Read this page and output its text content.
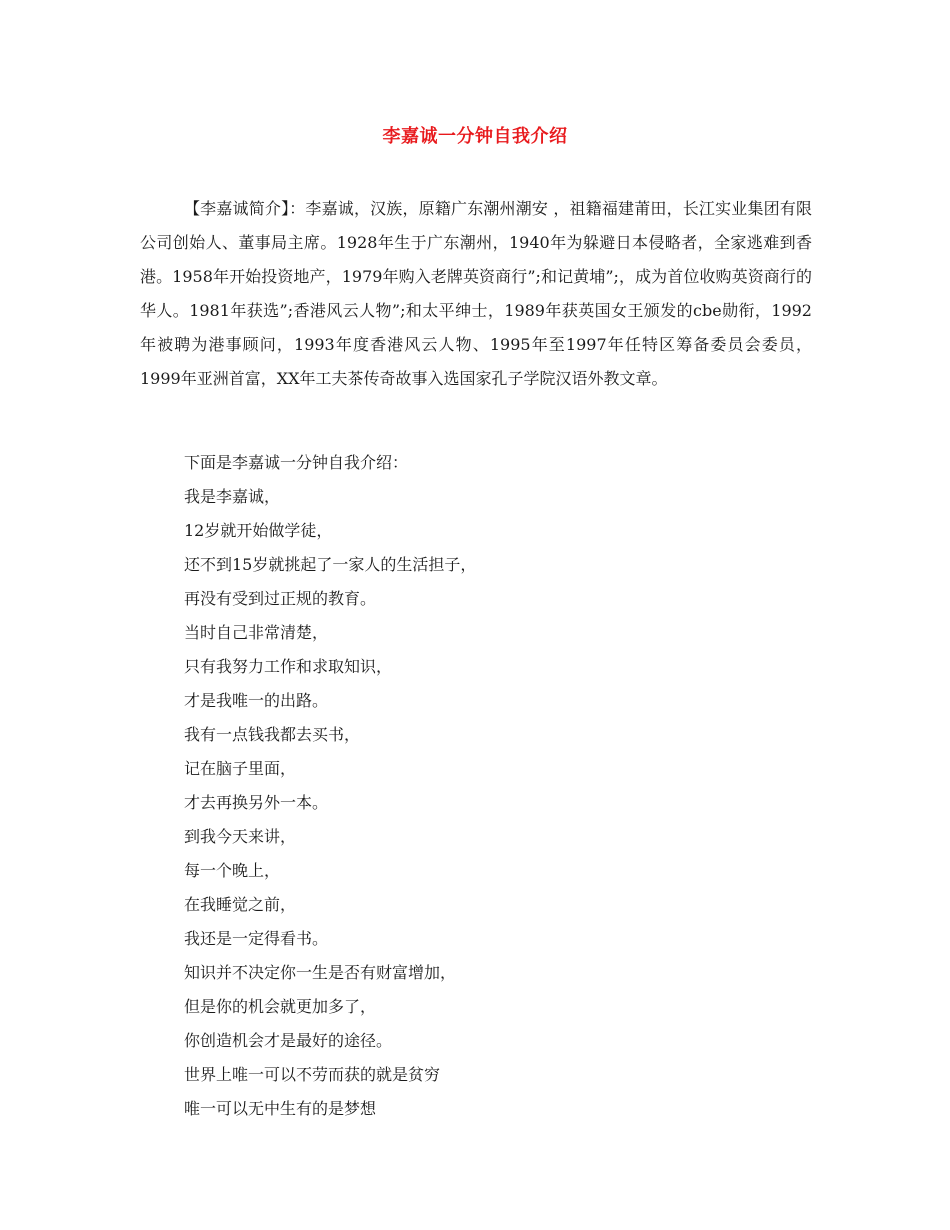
李嘉诚一分钟自我介绍

【李嘉诚简介】：李嘉诚，汉族，原籍广东潮州潮安 ，祖籍福建莆田，长江实业集团有限公司创始人、董事局主席。1928年生于广东潮州，1940年为躲避日本侵略者，全家逃难到香港。1958年开始投资地产，1979年购入老牌英资商行”;和记黄埔”;，成为首位收购英资商行的华人。1981年获选”;香港风云人物”;和太平绅士，1989年获英国女王颁发的cbe勋衔，1992年被聘为港事顾问，1993年度香港风云人物、1995年至1997年任特区筹备委员会委员，1999年亚洲首富，XX年工夫茶传奇故事入选国家孔子学院汉语外教文章。

下面是李嘉诚一分钟自我介绍：
我是李嘉诚，
12岁就开始做学徒，
还不到15岁就挑起了一家人的生活担子，
再没有受到过正规的教育。
当时自己非常清楚，
只有我努力工作和求取知识，
才是我唯一的出路。
我有一点钱我都去买书，
记在脑子里面，
才去再换另外一本。
到我今天来讲，
每一个晚上，
在我睡觉之前，
我还是一定得看书。
知识并不决定你一生是否有财富增加，
但是你的机会就更加多了，
你创造机会才是最好的途径。
世界上唯一可以不劳而获的就是贫穷
唯一可以无中生有的是梦想
